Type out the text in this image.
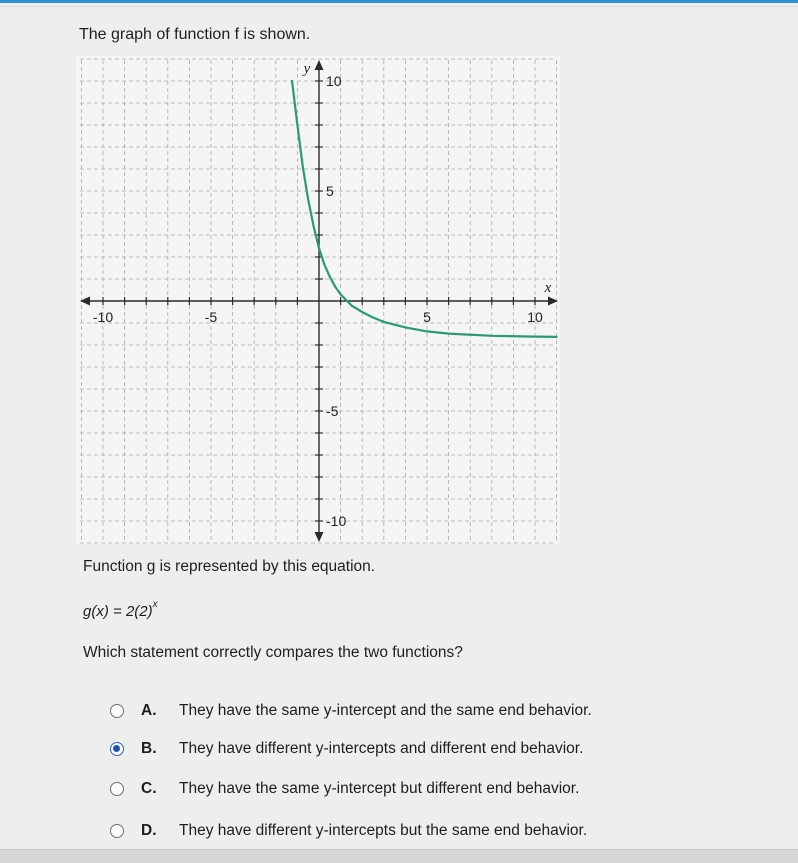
The graph of function f is shown.
-10	-5	5	10
10
5
-5
-10
x
y
Function g is represented by this equation.
$g(x) = 2(2)^x$
Which statement correctly compares the two functions?
A.	They have the same y-intercept and the same end behavior.
B.	They have different y-intercepts and different end behavior.
C.	They have the same y-intercept but different end behavior.
D.	They have different y-intercepts but the same end behavior.
